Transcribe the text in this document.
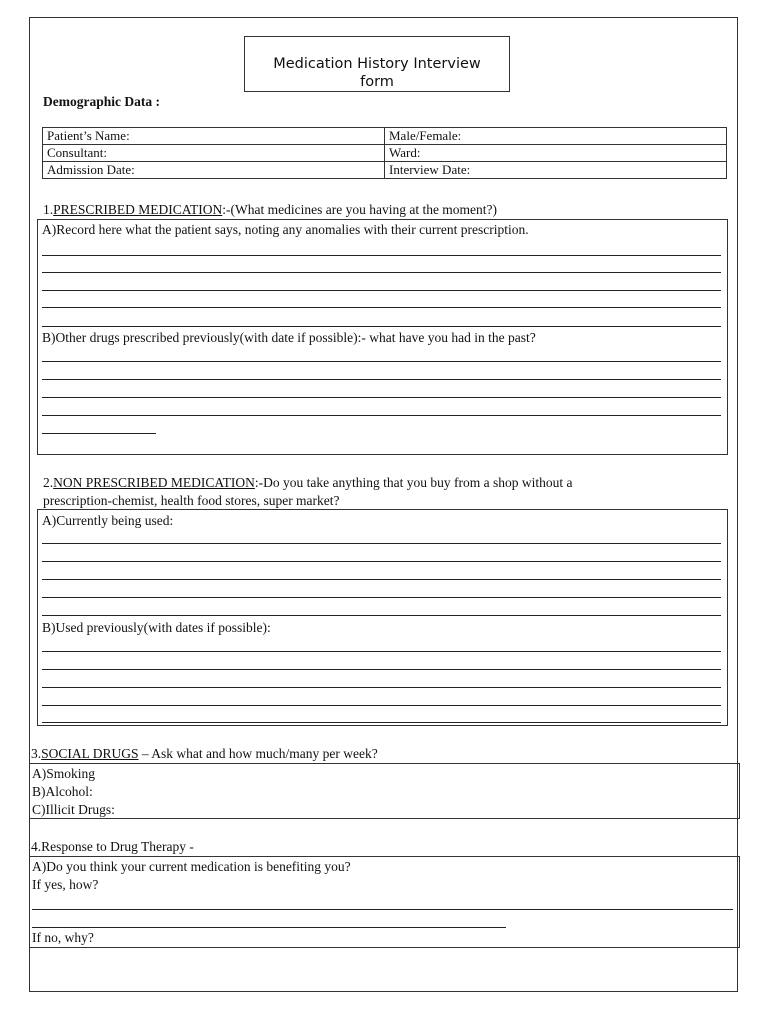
Medication History Interview
form
Demographic Data :
Patient’s Name:	Male/Female:
Consultant:	Ward:
Admission Date:	Interview Date:
1.PRESCRIBED MEDICATION:-(What medicines are you having at the moment?)
A)Record here what the patient says, noting any anomalies with their current prescription.
B)Other drugs prescribed previously(with date if possible):- what have you had in the past?
2.NON PRESCRIBED MEDICATION:-Do you take anything that you buy from a shop without a
prescription-chemist, health food stores, super market?
A)Currently being used:
B)Used previously(with dates if possible):
3.SOCIAL DRUGS – Ask what and how much/many per week?
A)Smoking
B)Alcohol:
C)Illicit Drugs:
4.Response to Drug Therapy -
A)Do you think your current medication is benefiting you?
If yes, how?
If no, why?
